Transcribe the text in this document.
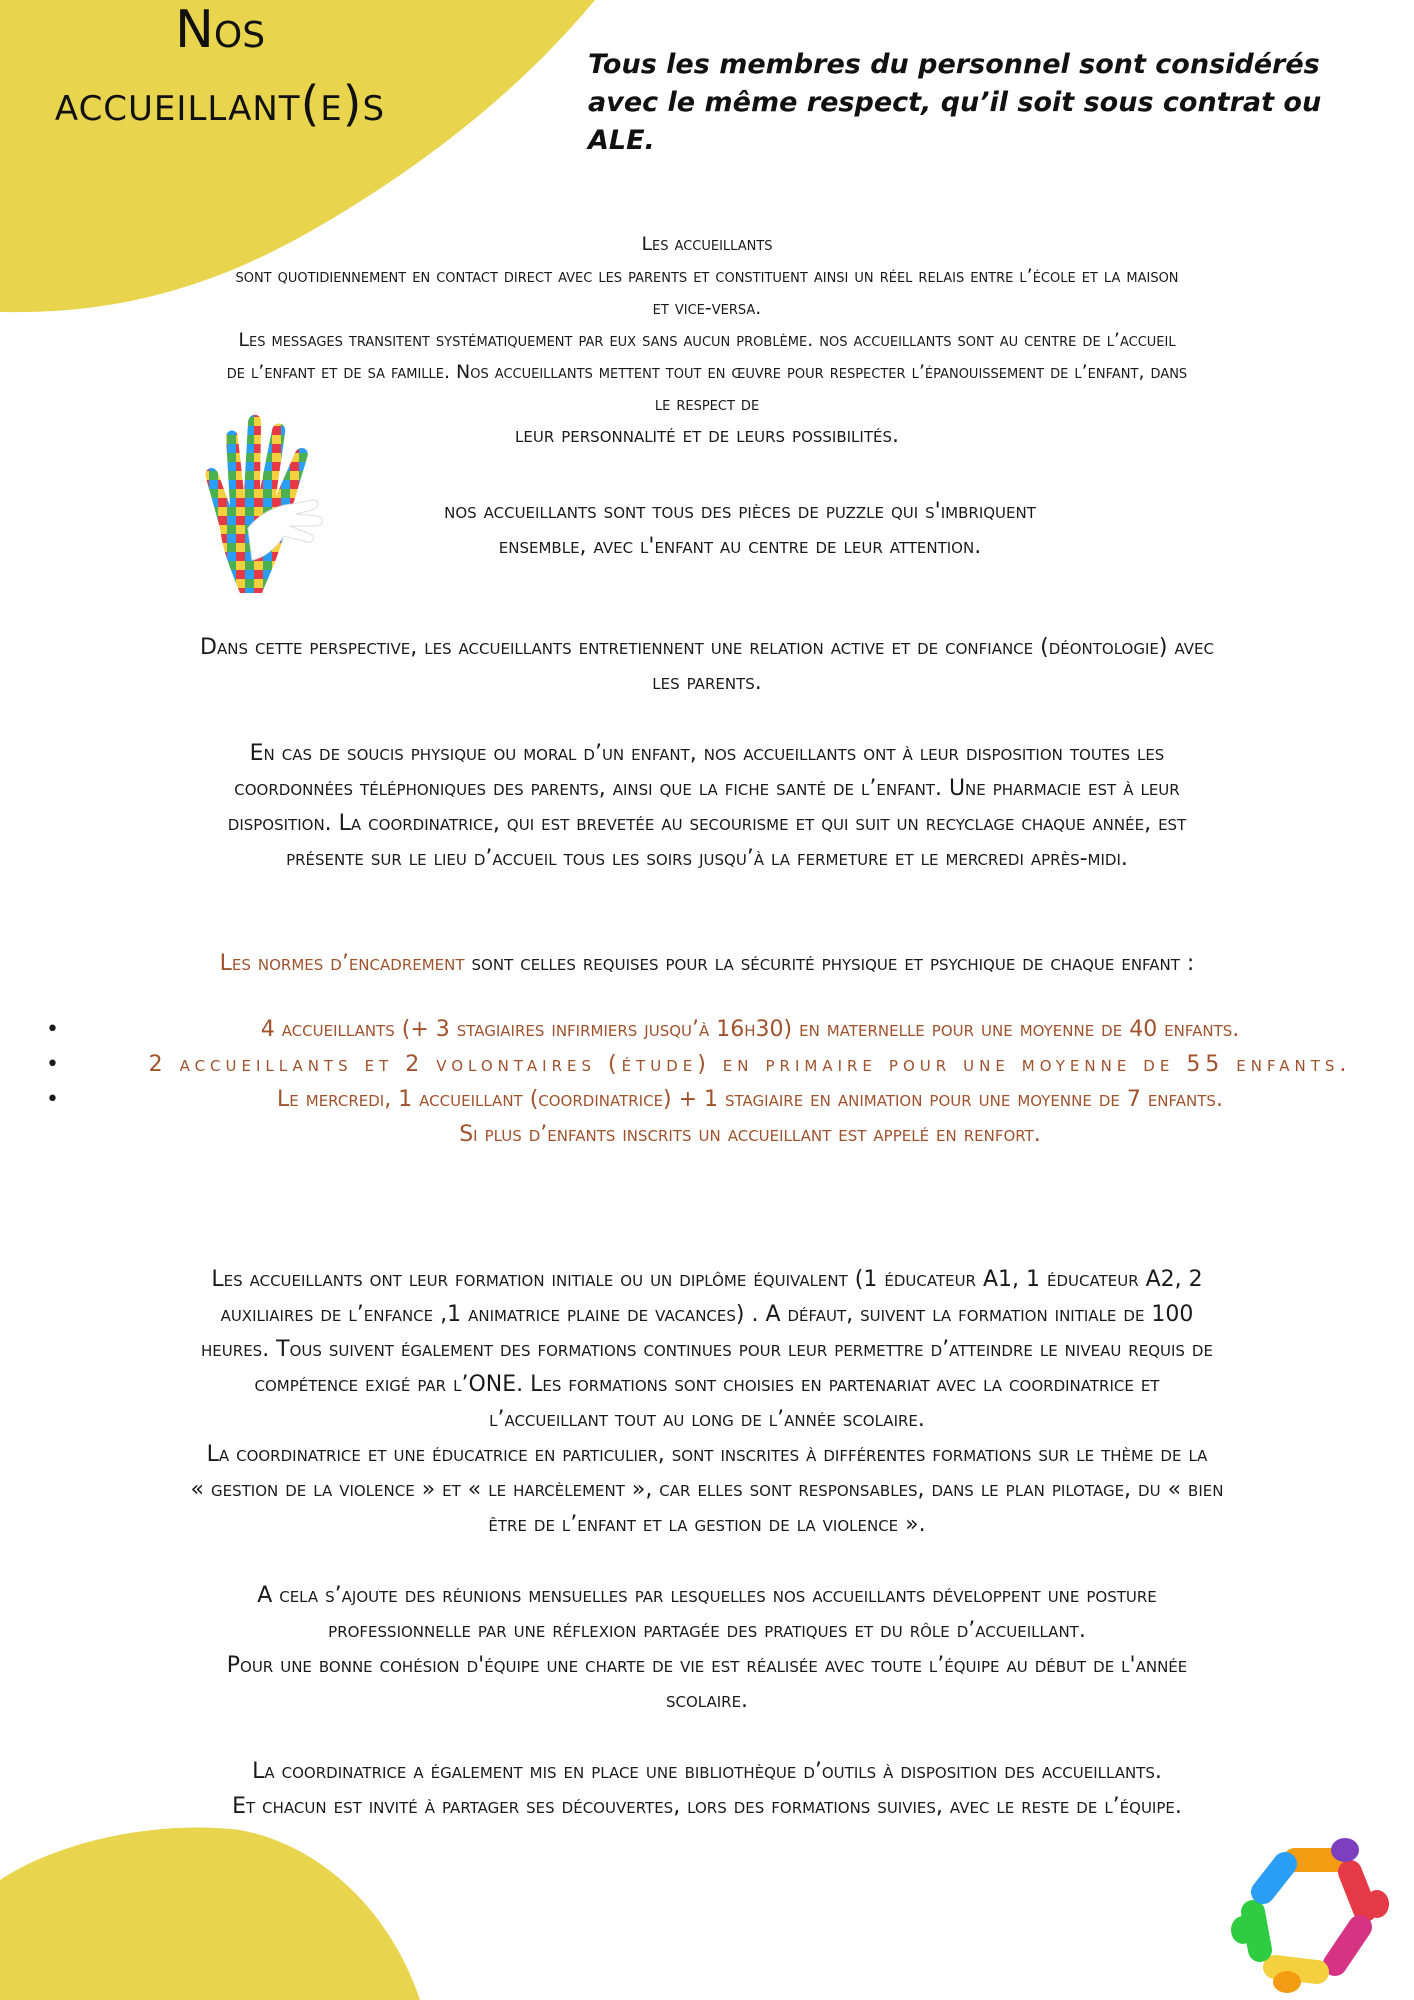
Nos
accueillant(e)s
Tous les membres du personnel sont considérés
avec le même respect, qu’il soit sous contrat ou ALE.

Les accueillants

sont quotidiennement en contact direct avec les parents et constituent ainsi un réel relais entre l’école et la maison

et vice-versa.

Les messages transitent systématiquement par eux sans aucun problème. nos accueillants sont au centre de l’accueil

de l’enfant et de sa famille. Nos accueillants mettent tout en œuvre pour respecter l’épanouissement de l’enfant, dans

le respect de

leur personnalité et de leurs possibilités.

nos accueillants sont tous des pièces de puzzle qui s'imbriquent

ensemble, avec l'enfant au centre de leur attention.

Dans cette perspective, les accueillants entretiennent une relation active et de confiance (déontologie) avec

les parents.

En cas de soucis physique ou moral d’un enfant, nos accueillants ont à leur disposition toutes les

coordonnées téléphoniques des parents, ainsi que la fiche santé de l’enfant. Une pharmacie est à leur

disposition. La coordinatrice, qui est brevetée au secourisme et qui suit un recyclage chaque année, est

présente sur le lieu d’accueil tous les soirs jusqu’à la fermeture et le mercredi après-midi.

Les normes d’encadrement sont celles requises pour la sécurité physique et psychique de chaque enfant :

•	4 accueillants (+ 3 stagiaires infirmiers jusqu’à 16h30) en maternelle pour une moyenne de 40 enfants.
•	2 accueillants et 2 volontaires (étude) en primaire pour une moyenne de 55 enfants.
•	Le mercredi, 1 accueillant (coordinatrice) + 1 stagiaire en animation pour une moyenne de 7 enfants.
Si plus d’enfants inscrits un accueillant est appelé en renfort.

Les accueillants ont leur formation initiale ou un diplôme équivalent (1 éducateur A1, 1 éducateur A2, 2

auxiliaires de l’enfance ,1 animatrice plaine de vacances) . A défaut, suivent la formation initiale de 100

heures. Tous suivent également des formations continues pour leur permettre d’atteindre le niveau requis de

compétence exigé par l’ONE. Les formations sont choisies en partenariat avec la coordinatrice et

l’accueillant tout au long de l’année scolaire.

La coordinatrice et une éducatrice en particulier, sont inscrites à différentes formations sur le thème de la

« gestion de la violence » et « le harcèlement », car elles sont responsables, dans le plan pilotage, du « bien

être de l’enfant et la gestion de la violence ».

A cela s’ajoute des réunions mensuelles par lesquelles nos accueillants développent une posture

professionnelle par une réflexion partagée des pratiques et du rôle d’accueillant.

Pour une bonne cohésion d'équipe une charte de vie est réalisée avec toute l’équipe au début de l'année

scolaire.

La coordinatrice a également mis en place une bibliothèque d’outils à disposition des accueillants.

Et chacun est invité à partager ses découvertes, lors des formations suivies, avec le reste de l’équipe.
